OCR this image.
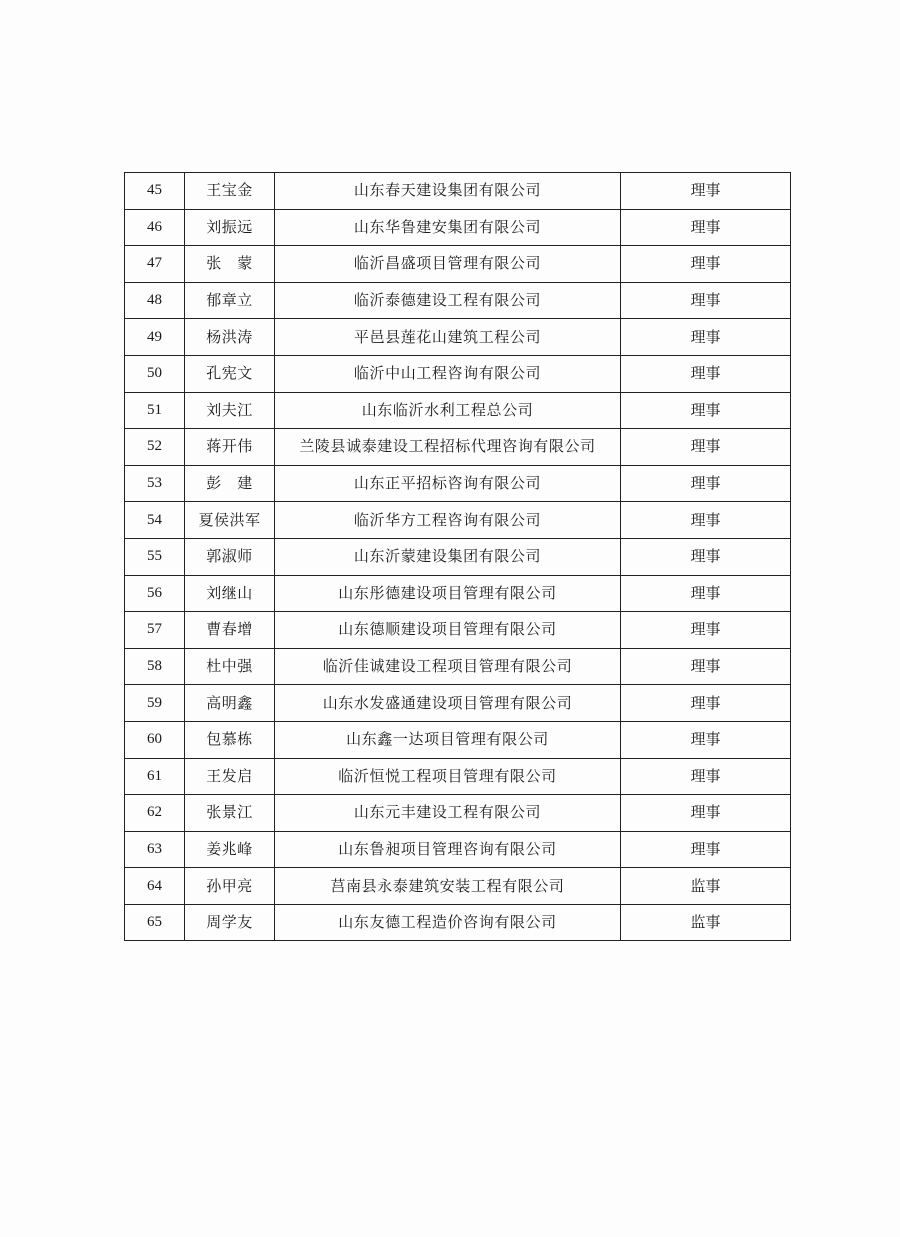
45	王宝金	山东春天建设集团有限公司	理事
46	刘振远	山东华鲁建安集团有限公司	理事
47	张　蒙	临沂昌盛项目管理有限公司	理事
48	郁章立	临沂泰德建设工程有限公司	理事
49	杨洪涛	平邑县莲花山建筑工程公司	理事
50	孔宪文	临沂中山工程咨询有限公司	理事
51	刘夫江	山东临沂水利工程总公司	理事
52	蒋开伟	兰陵县诚泰建设工程招标代理咨询有限公司	理事
53	彭　建	山东正平招标咨询有限公司	理事
54	夏侯洪军	临沂华方工程咨询有限公司	理事
55	郭淑师	山东沂蒙建设集团有限公司	理事
56	刘继山	山东彤德建设项目管理有限公司	理事
57	曹春增	山东德顺建设项目管理有限公司	理事
58	杜中强	临沂佳诚建设工程项目管理有限公司	理事
59	高明鑫	山东水发盛通建设项目管理有限公司	理事
60	包慕栋	山东鑫一达项目管理有限公司	理事
61	王发启	临沂恒悦工程项目管理有限公司	理事
62	张景江	山东元丰建设工程有限公司	理事
63	姜兆峰	山东鲁昶项目管理咨询有限公司	理事
64	孙甲亮	莒南县永泰建筑安装工程有限公司	监事
65	周学友	山东友德工程造价咨询有限公司	监事
